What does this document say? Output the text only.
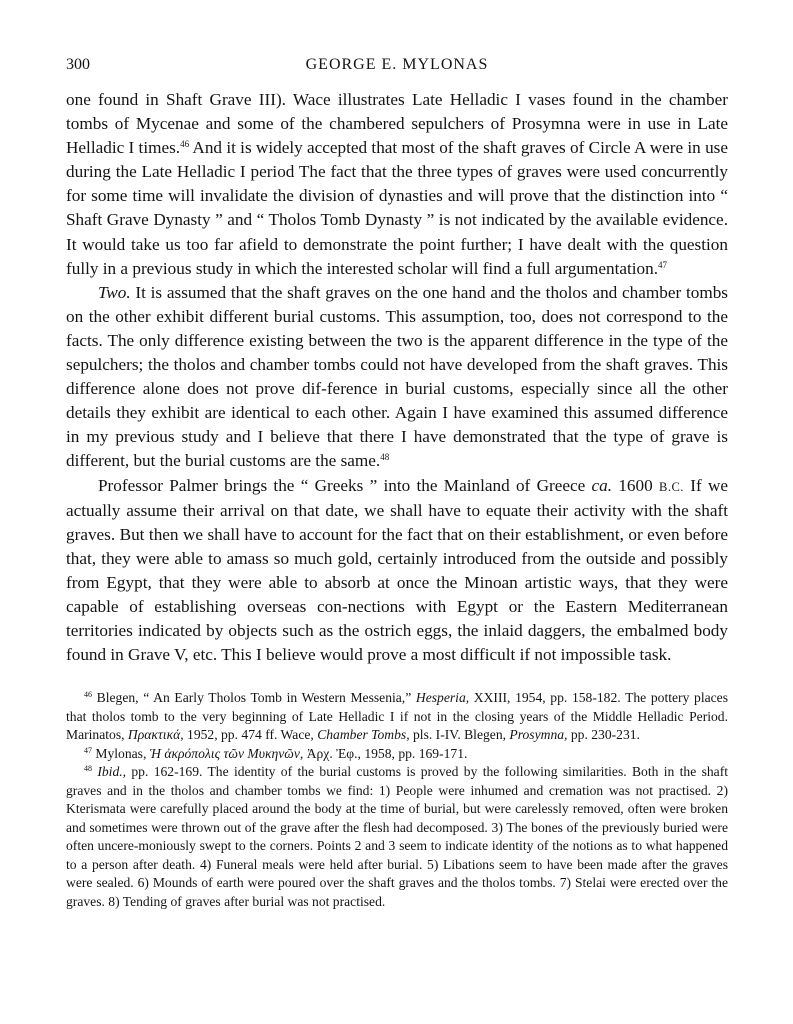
300	GEORGE E. MYLONAS

one found in Shaft Grave III). Wace illustrates Late Helladic I vases found in the chamber tombs of Mycenae and some of the chambered sepulchers of Prosymna were in use in Late Helladic I times.$^{46}$ And it is widely accepted that most of the shaft graves of Circle A were in use during the Late Helladic I period The fact that the three types of graves were used concurrently for some time will invalidate the division of dynasties and will prove that the distinction into “ Shaft Grave Dynasty ” and “ Tholos Tomb Dynasty ” is not indicated by the available evidence. It would take us too far afield to demonstrate the point further; I have dealt with the question fully in a previous study in which the interested scholar will find a full argumentation.$^{47}$

Two. It is assumed that the shaft graves on the one hand and the tholos and chamber tombs on the other exhibit different burial customs. This assumption, too, does not correspond to the facts. The only difference existing between the two is the apparent difference in the type of the sepulchers; the tholos and chamber tombs could not have developed from the shaft graves. This difference alone does not prove dif-ference in burial customs, especially since all the other details they exhibit are identical to each other. Again I have examined this assumed difference in my previous study and I believe that there I have demonstrated that the type of grave is different, but the burial customs are the same.$^{48}$

Professor Palmer brings the “ Greeks ” into the Mainland of Greece ca. 1600 B.C. If we actually assume their arrival on that date, we shall have to equate their activity with the shaft graves. But then we shall have to account for the fact that on their establishment, or even before that, they were able to amass so much gold, certainly introduced from the outside and possibly from Egypt, that they were able to absorb at once the Minoan artistic ways, that they were capable of establishing overseas con-nections with Egypt or the Eastern Mediterranean territories indicated by objects such as the ostrich eggs, the inlaid daggers, the embalmed body found in Grave V, etc. This I believe would prove a most difficult if not impossible task.

$^{46}$ Blegen, “ An Early Tholos Tomb in Western Messenia,” Hesperia, XXIII, 1954, pp. 158-182. The pottery places that tholos tomb to the very beginning of Late Helladic I if not in the closing years of the Middle Helladic Period. Marinatos, Πρακτικά, 1952, pp. 474 ff. Wace, Chamber Tombs, pls. I-IV. Blegen, Prosymna, pp. 230-231.

$^{47}$ Mylonas, Ἡ ἀκρόπολις τῶν Μυκηνῶν, Ἀρχ. Ἐφ., 1958, pp. 169-171.

$^{48}$ Ibid., pp. 162-169. The identity of the burial customs is proved by the following similarities. Both in the shaft graves and in the tholos and chamber tombs we find: 1) People were inhumed and cremation was not practised. 2) Kterismata were carefully placed around the body at the time of burial, but were carelessly removed, often were broken and sometimes were thrown out of the grave after the flesh had decomposed. 3) The bones of the previously buried were often uncere-moniously swept to the corners. Points 2 and 3 seem to indicate identity of the notions as to what happened to a person after death. 4) Funeral meals were held after burial. 5) Libations seem to have been made after the graves were sealed. 6) Mounds of earth were poured over the shaft graves and the tholos tombs. 7) Stelai were erected over the graves. 8) Tending of graves after burial was not practised.
